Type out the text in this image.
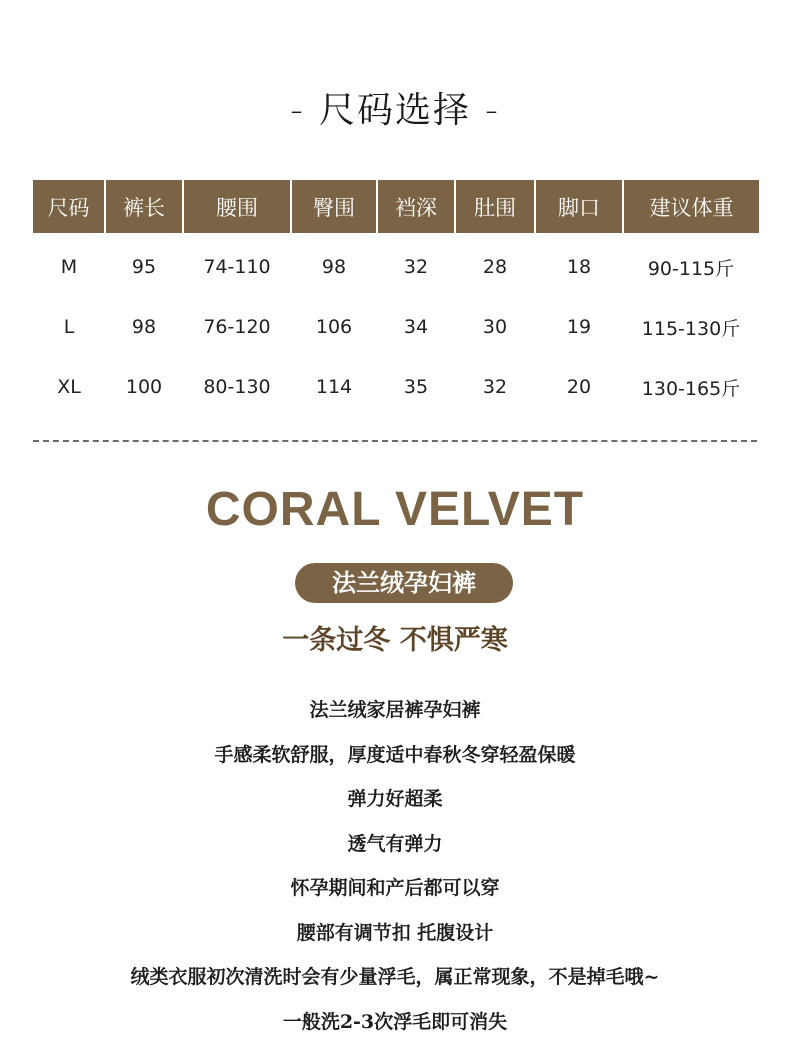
- 尺码选择 -
尺码	裤长	腰围	臀围	裆深	肚围	脚口	建议体重
M	95	74-110	98	32	28	18	90-115斤
L	98	76-120	106	34	30	19	115-130斤
XL	100	80-130	114	35	32	20	130-165斤
CORAL VELVET
法兰绒孕妇裤
一条过冬 不惧严寒
法兰绒家居裤孕妇裤
手感柔软舒服，厚度适中春秋冬穿轻盈保暖
弹力好超柔
透气有弹力
怀孕期间和产后都可以穿
腰部有调节扣 托腹设计
绒类衣服初次清洗时会有少量浮毛，属正常现象，不是掉毛哦~
一般洗2-3次浮毛即可消失
